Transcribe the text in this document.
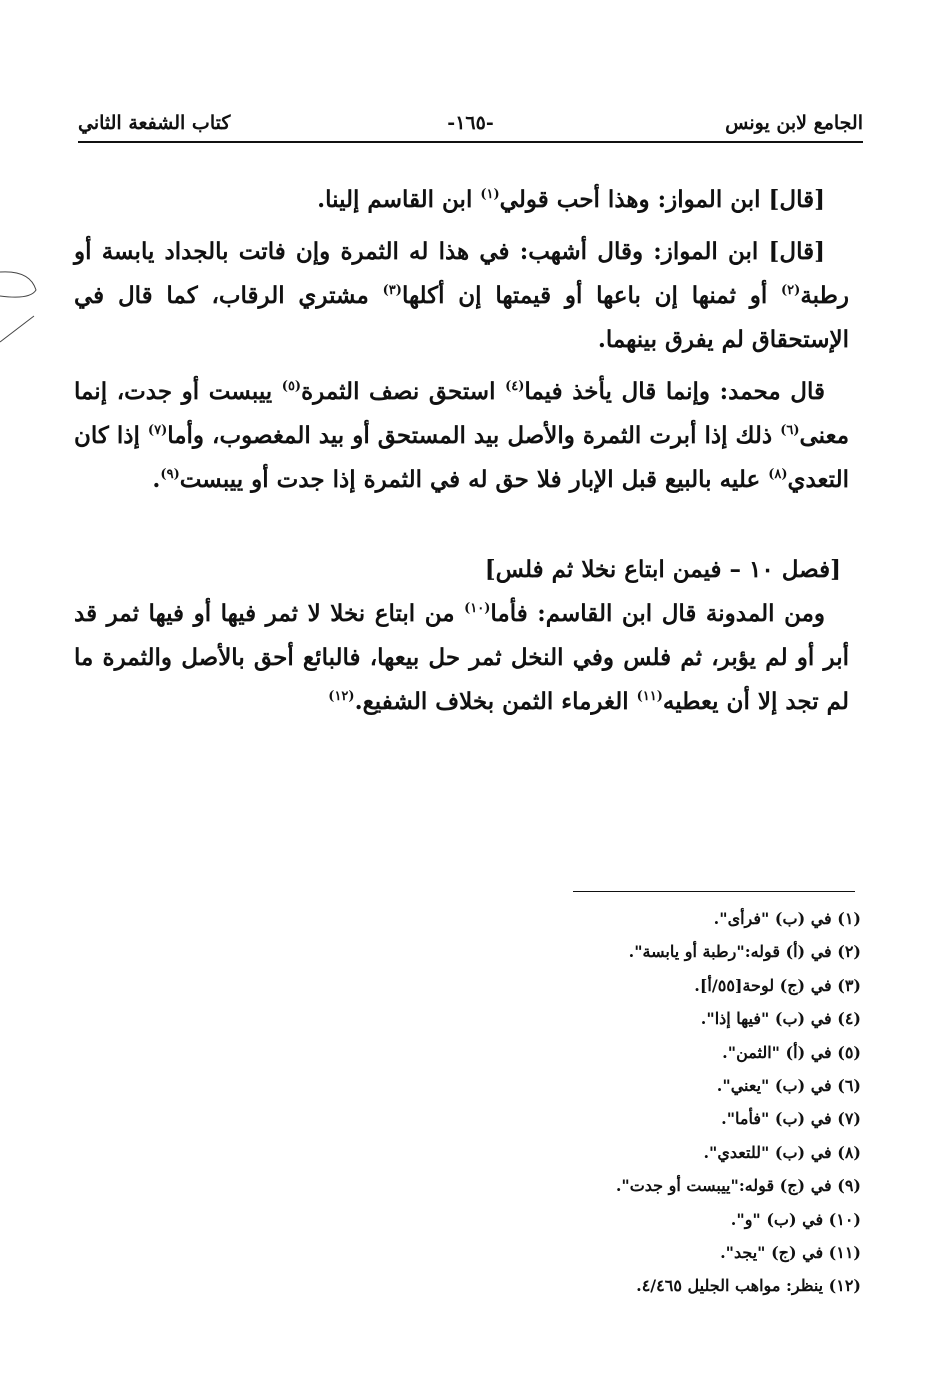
-١٦٥-	الجامع لابن يونس
كتاب الشفعة الثاني

[قال] ابن المواز: وهذا أحب قولي$^{(١)}$ ابن القاسم إلينا.

[قال] ابن المواز: وقال أشهب: في هذا له الثمرة وإن فاتت بالجداد يابسة أو رطبة$^{(٢)}$ أو ثمنها إن باعها أو قيمتها إن أكلها$^{(٣)}$ مشتري الرقاب، كما قال في الإستحقاق لم يفرق بينهما.

قال محمد: وإنما قال يأخذ فيما$^{(٤)}$ استحق نصف الثمرة$^{(٥)}$ ييبست أو جدت، إنما معنى$^{(٦)}$ ذلك إذا أبرت الثمرة والأصل بيد المستحق أو بيد المغصوب، وأما$^{(٧)}$ إذا كان التعدي$^{(٨)}$ عليه بالبيع قبل الإبار فلا حق له في الثمرة إذا جدت أو ييبست$^{(٩)}$.

[فصل ١٠ – فيمن ابتاع نخلا ثم فلس]

ومن المدونة قال ابن القاسم: فأما$^{(١٠)}$ من ابتاع نخلا لا ثمر فيها أو فيها ثمر قد أبر أو لم يؤبر، ثم فلس وفي النخل ثمر حل بيعها، فالبائع أحق بالأصل والثمرة ما لم تجد إلا أن يعطيه$^{(١١)}$ الغرماء الثمن بخلاف الشفيع.$^{(١٢)}$

(١) في (ب) "فرأى".
(٢) في (أ) قوله:"رطبة أو يابسة".
(٣) في (ج) لوحة[٥٥/أ].
(٤) في (ب) "فيها إذا".
(٥) في (أ) "الثمن".
(٦) في (ب) "يعني".
(٧) في (ب) "فأما".
(٨) في (ب) "للتعدي".
(٩) في (ج) قوله:"ييبست أو جدت".
(١٠) في (ب) "و".
(١١) في (ج) "يجد".
(١٢) ينظر: مواهب الجليل ٤/٤٦٥.
